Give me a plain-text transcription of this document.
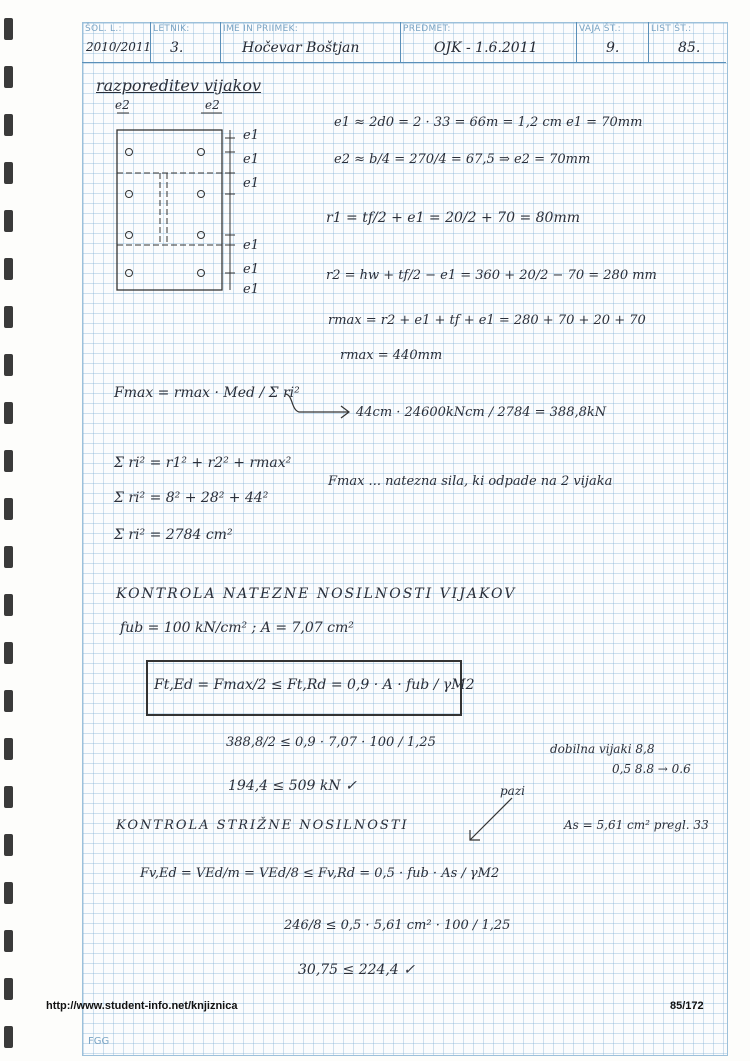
ŠOL. L.:
2010/2011
LETNIK:
3.
IME IN PRIIMEK:
Hočevar Boštjan
PREDMET:
OJK - 1.6.2011
VAJA ŠT.:
9.
LIST ŠT.:
85.
razporeditev vijakov
e1
e1
e1
e1
e1
e1
e2	e2
e1 ≈ 2d0 = 2 · 33 = 66m = 1,2 cm e1 = 70mm
e2 ≈ b/4 = 270/4 = 67,5 ⇒ e2 = 70mm
r1 = tf/2 + e1 = 20/2 + 70 = 80mm
r2 = hw + tf/2 − e1 = 360 + 20/2 − 70 = 280 mm
rmax = r2 + e1 + tf + e1 = 280 + 70 + 20 + 70
rmax = 440mm
Fmax = rmax · Med / Σ ri²
44cm · 24600kNcm / 2784 = 388,8kN
Σ ri² = r1² + r2² + rmax²
Σ ri² = 8² + 28² + 44²
Σ ri² = 2784 cm²
Fmax ... natezna sila, ki odpade na 2 vijaka
KONTROLA NATEZNE NOSILNOSTI VIJAKOV
fub = 100 kN/cm² ; A = 7,07 cm²
Ft,Ed = Fmax/2 ≤ Ft,Rd = 0,9 · A · fub / γM2
388,8/2 ≤ 0,9 · 7,07 · 100 / 1,25
194,4 ≤ 509 kN ✓
dobilna vijaki 8,8
0,5 8.8 → 0.6
pazi
KONTROLA STRIŽNE NOSILNOSTI	As = 5,61 cm² pregl. 33
Fv,Ed = VEd/m = VEd/8 ≤ Fv,Rd = 0,5 · fub · As / γM2
246/8 ≤ 0,5 · 5,61 cm² · 100 / 1,25
30,75 ≤ 224,4 ✓
http://www.student-info.net/knjiznica	85/172
FGG
